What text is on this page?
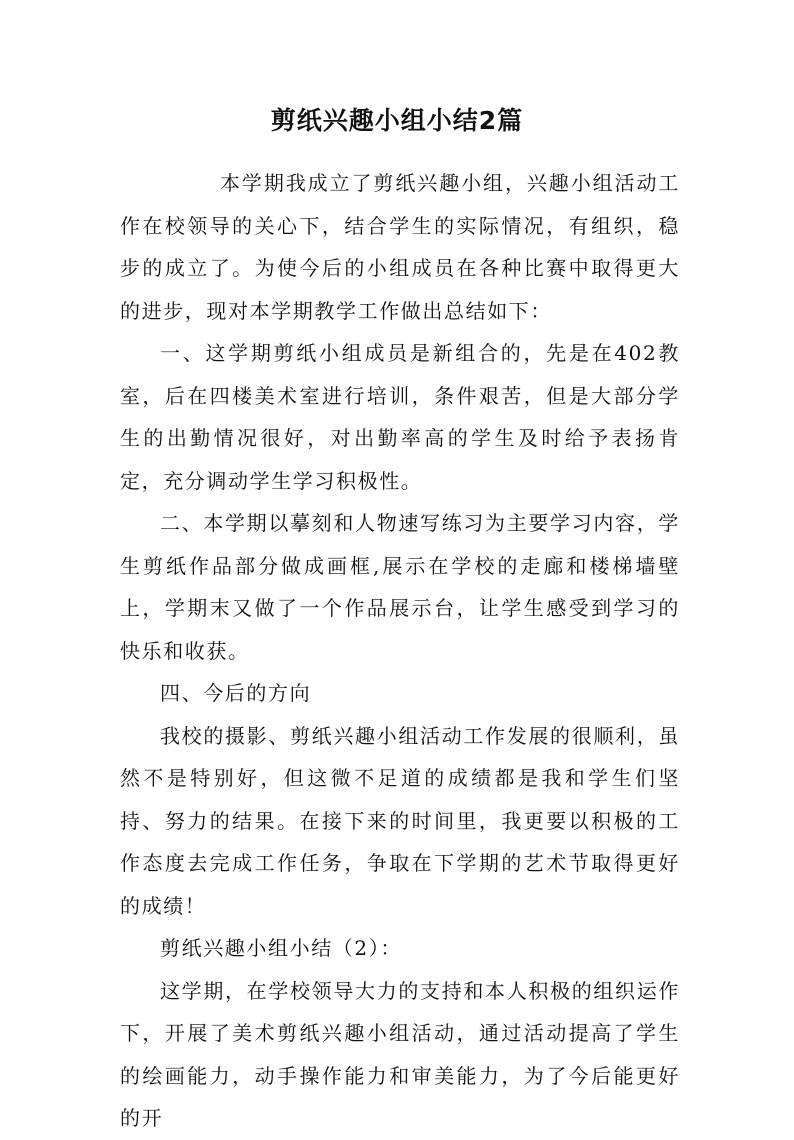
剪纸兴趣小组小结2篇

本学期我成立了剪纸兴趣小组，兴趣小组活动工作在校领导的关心下，结合学生的实际情况，有组织，稳步的成立了。为使今后的小组成员在各种比赛中取得更大的进步，现对本学期教学工作做出总结如下：

一、这学期剪纸小组成员是新组合的，先是在402教室，后在四楼美术室进行培训，条件艰苦，但是大部分学生的出勤情况很好，对出勤率高的学生及时给予表扬肯定，充分调动学生学习积极性。

二、本学期以摹刻和人物速写练习为主要学习内容，学生剪纸作品部分做成画框,展示在学校的走廊和楼梯墙壁上，学期末又做了一个作品展示台，让学生感受到学习的快乐和收获。

四、今后的方向

我校的摄影、剪纸兴趣小组活动工作发展的很顺利，虽然不是特别好，但这微不足道的成绩都是我和学生们坚持、努力的结果。在接下来的时间里，我更要以积极的工作态度去完成工作任务，争取在下学期的艺术节取得更好的成绩！

剪纸兴趣小组小结（2）：

这学期，在学校领导大力的支持和本人积极的组织运作下，开展了美术剪纸兴趣小组活动，通过活动提高了学生的绘画能力，动手操作能力和审美能力，为了今后能更好的开
